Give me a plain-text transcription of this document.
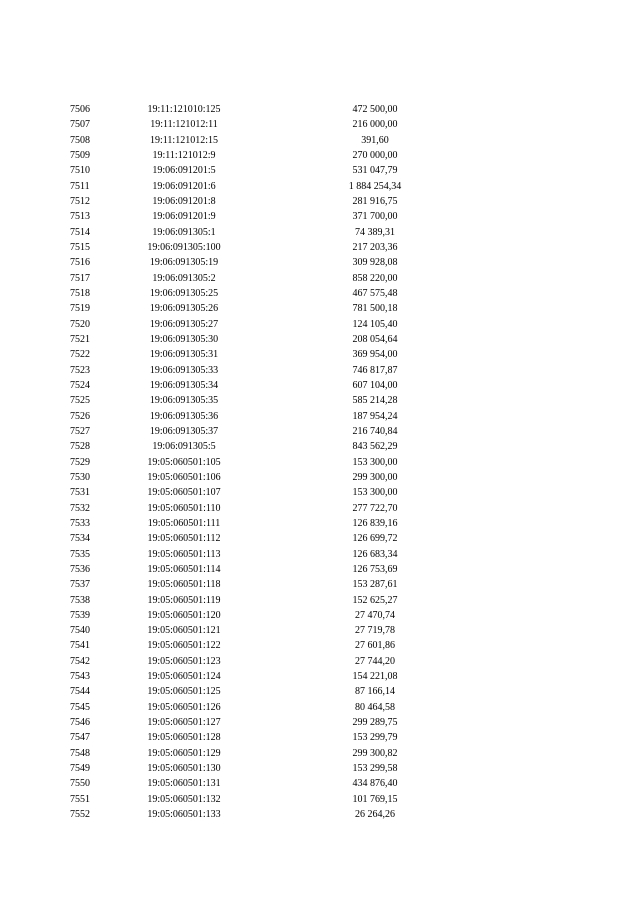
7506	19:11:121010:125	472 500,00
7507	19:11:121012:11	216 000,00
7508	19:11:121012:15	391,60
7509	19:11:121012:9	270 000,00
7510	19:06:091201:5	531 047,79
7511	19:06:091201:6	1 884 254,34
7512	19:06:091201:8	281 916,75
7513	19:06:091201:9	371 700,00
7514	19:06:091305:1	74 389,31
7515	19:06:091305:100	217 203,36
7516	19:06:091305:19	309 928,08
7517	19:06:091305:2	858 220,00
7518	19:06:091305:25	467 575,48
7519	19:06:091305:26	781 500,18
7520	19:06:091305:27	124 105,40
7521	19:06:091305:30	208 054,64
7522	19:06:091305:31	369 954,00
7523	19:06:091305:33	746 817,87
7524	19:06:091305:34	607 104,00
7525	19:06:091305:35	585 214,28
7526	19:06:091305:36	187 954,24
7527	19:06:091305:37	216 740,84
7528	19:06:091305:5	843 562,29
7529	19:05:060501:105	153 300,00
7530	19:05:060501:106	299 300,00
7531	19:05:060501:107	153 300,00
7532	19:05:060501:110	277 722,70
7533	19:05:060501:111	126 839,16
7534	19:05:060501:112	126 699,72
7535	19:05:060501:113	126 683,34
7536	19:05:060501:114	126 753,69
7537	19:05:060501:118	153 287,61
7538	19:05:060501:119	152 625,27
7539	19:05:060501:120	27 470,74
7540	19:05:060501:121	27 719,78
7541	19:05:060501:122	27 601,86
7542	19:05:060501:123	27 744,20
7543	19:05:060501:124	154 221,08
7544	19:05:060501:125	87 166,14
7545	19:05:060501:126	80 464,58
7546	19:05:060501:127	299 289,75
7547	19:05:060501:128	153 299,79
7548	19:05:060501:129	299 300,82
7549	19:05:060501:130	153 299,58
7550	19:05:060501:131	434 876,40
7551	19:05:060501:132	101 769,15
7552	19:05:060501:133	26 264,26
